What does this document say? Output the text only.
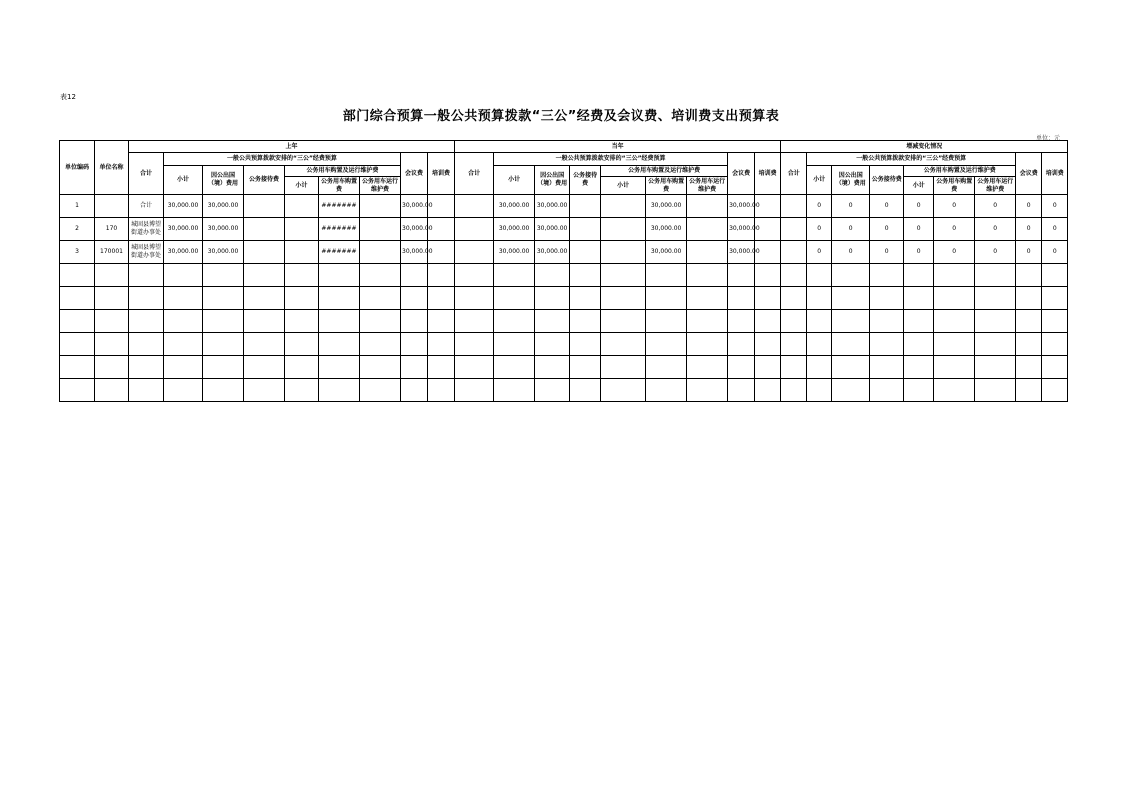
表12
部门综合预算一般公共预算拨款“三公”经费及会议费、培训费支出预算表
单位：元
单位编码	单位名称	上年									当年									增减变化情况									
		合计	一般公共预算拨款安排的“三公”经费预算						会议费	培训费	合计	一般公共预算拨款安排的“三公”经费预算						会议费	培训费	合计	一般公共预算拨款安排的“三公”经费预算						会议费	培训费	
			小计	因公出国（境）费用	公务接待费	公务用车购置及运行维护费						小计	因公出国（境）费用	公务接待费	公务用车购置及运行维护费						小计	因公出国（境）费用	公务接待费	公务用车购置及运行维护费					
						小计	公务用车购置费	公务用车运行维护费							小计	公务用车购置费	公务用车运行维护费							小计	公务用车购置费	公务用车运行维护费			
1		合计	30,000.00	30,000.00			#######		30,000.00			30,000.00	30,000.00			30,000.00		30,000.00			0	0	0	0	0	0	0	0	
2	170	城固县博望街道办事处	30,000.00	30,000.00			#######		30,000.00			30,000.00	30,000.00			30,000.00		30,000.00			0	0	0	0	0	0	0	0	
3	170001	城固县博望街道办事处	30,000.00	30,000.00			#######		30,000.00			30,000.00	30,000.00			30,000.00		30,000.00			0	0	0	0	0	0	0	0	
